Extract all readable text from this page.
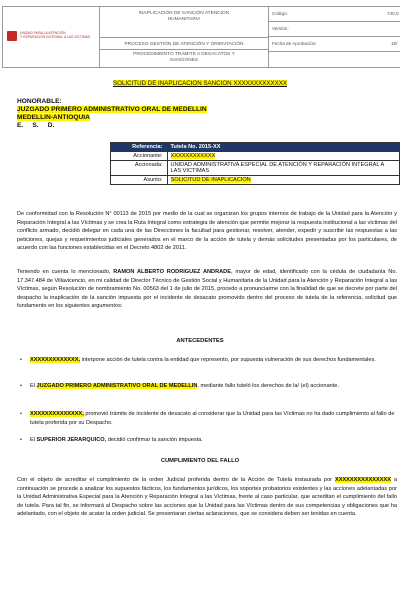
UNIDAD PARA LA ATENCIÓN
Y REPARACIÓN INTEGRAL A LAS VÍCTIMAS
INAPLICACIÓN DE SANCIÓN ATENCION
HUMANITARIA
PROCESO GESTIÓN DE ATENCIÓN Y ORIENTACIÓN
PROCEDIMIENTO TRÁMITE A DESACATOS Y
SANCIONES
Código:	740,0
Versión:
Fecha de Aprobación:	15/
SOLICITUD DE INAPLICACION SANCION XXXXXXXXXXXXX
HONORABLE:
JUZGADO PRIMERO ADMINISTRATIVO ORAL DE MEDELLIN
MEDELLIN-ANTIOQUIA
E.     S.     D.
Referencia:	Tutela No. 2015-XX
Accionante:	XXXXXXXXXXXX
Accionada:	UNIDAD ADMINISTRATIVA ESPECIAL DE ATENCIÓN Y REPARACIÓN INTEGRAL A LAS VICTIMAS
Asunto:	SOLICITUD DE INAPLICACION
De conformidad con la Resolución N° 00113 de 2015 por medio de la cual se organizan los grupos internos de trabajo de la Unidad para la Atención y Reparación Integral a las Víctimas y se crea la Ruta Integral como estrategia de atención que permite mejorar la respuesta institucional a las víctimas del conflicto armado, decidió delegar en cada una de las Direcciones la facultad para gestionar, resolver, atender, expedir y suscribir las respuestas a las peticiones, quejas y requerimientos judiciales generados en el marco de la acción de tutela y demás solicitudes presentadas por los particulares, de acuerdo con las funciones establecidas en el Decreto 4802 de 2011.
Teniendo en cuenta lo mencionado, RAMON ALBERTO RODRIGUEZ ANDRADE, mayor de edad, identificado con la cédula de ciudadanía No. 17.347.484 de Villavicencio, en mi calidad de Director Técnico de Gestión Social y Humanitaria de la Unidad para la Atención y Reparación Integral a las Víctimas, según Resolución de nombramiento No. 00563 del 1 de julio de 2015, procedo a pronunciarme con la finalidad de que se decrete por parte del despacho la inaplicación de la sanción impuesta por el incidente de desacato promovido dentro del proceso de tutela de la referencia, solicitud que fundamento en los siguientes argumentos:
ANTECEDENTES
• XXXXXXXXXXXXX, interpone acción de tutela contra la entidad que represento, por supuesta vulneración de sus derechos fundamentales.
• El JUZGADO PRIMERO ADMINISTRATIVO ORAL DE MEDELLIN, mediante fallo tuteló los derechos de la/ (el) accionante.
• XXXXXXXXXXXXXX, promovió trámite de incidente de desacato al considerar que la Unidad para las Víctimas no ha dado cumplimiento al fallo de tutela proferida por su Despacho.
• El SUPERIOR JERARQUICO, decidió confirmar la sanción impuesta.
CUMPLIMIENTO DEL FALLO
Con el objeto de acreditar el cumplimiento de la orden Judicial proferida dentro de la Acción de Tutela instaurada por XXXXXXXXXXXXXXX a continuación se procede a analizar los supuestos fácticos, los fundamentos jurídicos, los soportes probatorios existentes y las acciones adelantadas por la Unidad Administrativa Especial para la Atención y Reparación Integral a las Víctimas, frente al caso particular, que acreditan el cumplimiento del fallo de tutela. Para tal fin, se informará al Despacho sobre las acciones que la Unidad para las Víctimas dentro de sus competencias y obligaciones que ha adelantado, con el objeto de acatar la orden judicial. Se presentaran ciertas aclaraciones, que se considera deben ser tenidas en cuenta.
